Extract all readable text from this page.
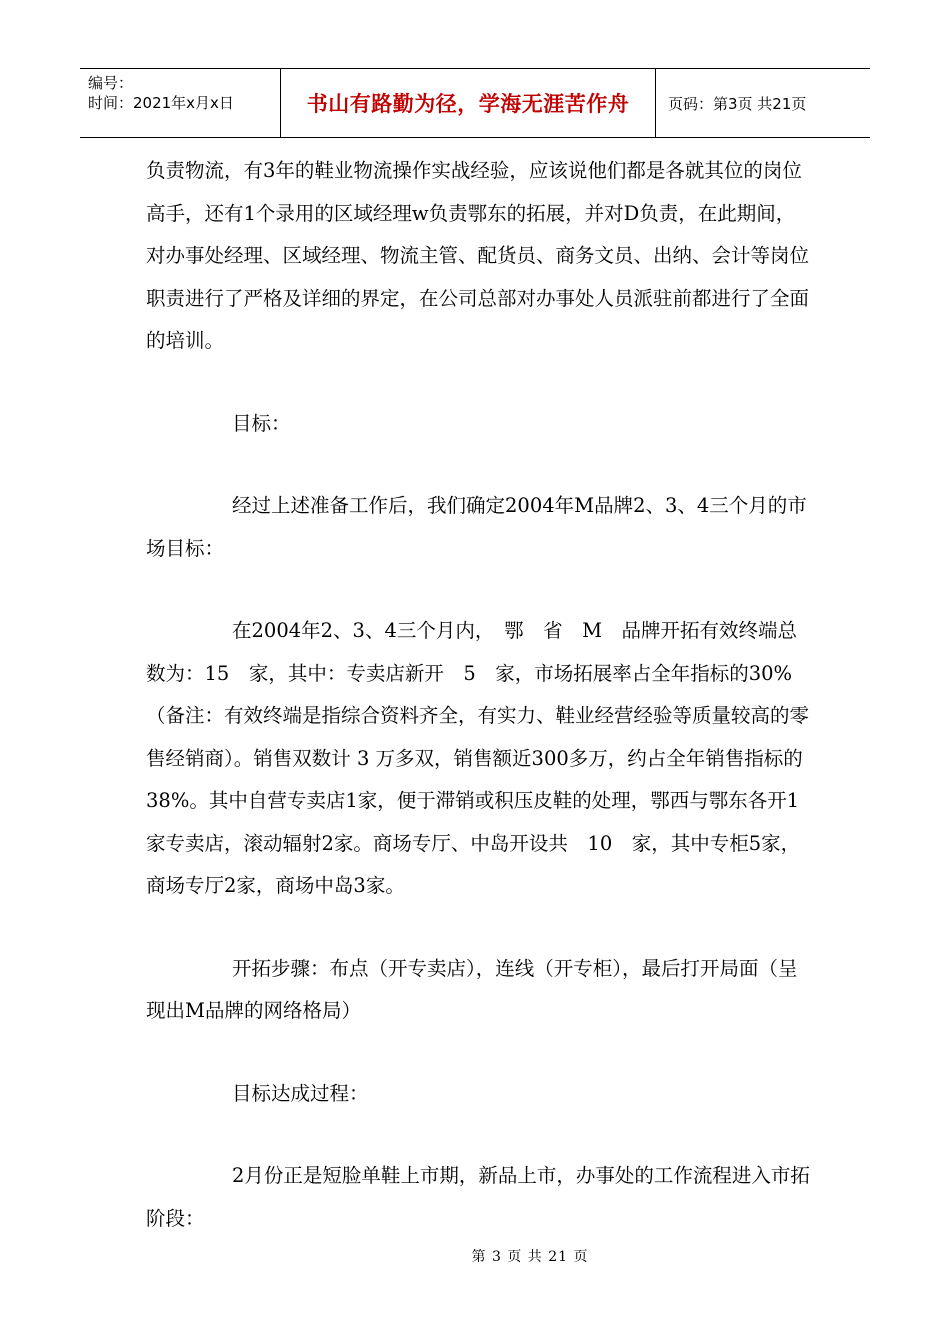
编号：
时间：2021年x月x日	书山有路勤为径，学海无涯苦作舟	页码：第3页 共21页

负责物流，有3年的鞋业物流操作实战经验，应该说他们都是各就其位的岗位高手，还有1个录用的区域经理w负责鄂东的拓展，并对D负责，在此期间，对办事处经理、区域经理、物流主管、配货员、商务文员、出纳、会计等岗位职责进行了严格及详细的界定，在公司总部对办事处人员派驻前都进行了全面的培训。

目标：

经过上述准备工作后，我们确定2004年M品牌2、3、4三个月的市场目标：

在2004年2、3、4三个月内，　鄂　省　M　品牌开拓有效终端总数为：15　家，其中：专卖店新开　5　家，市场拓展率占全年指标的30%（备注：有效终端是指综合资料齐全，有实力、鞋业经营经验等质量较高的零售经销商）。销售双数计 3 万多双，销售额近300多万，约占全年销售指标的38%。其中自营专卖店1家，便于滞销或积压皮鞋的处理，鄂西与鄂东各开1家专卖店，滚动辐射2家。商场专厅、中岛开设共　10　家，其中专柜5家，商场专厅2家，商场中岛3家。

开拓步骤：布点（开专卖店），连线（开专柜），最后打开局面（呈现出M品牌的网络格局）

目标达成过程：

2月份正是短脸单鞋上市期，新品上市，办事处的工作流程进入市拓阶段：

第 3 页 共 21 页
